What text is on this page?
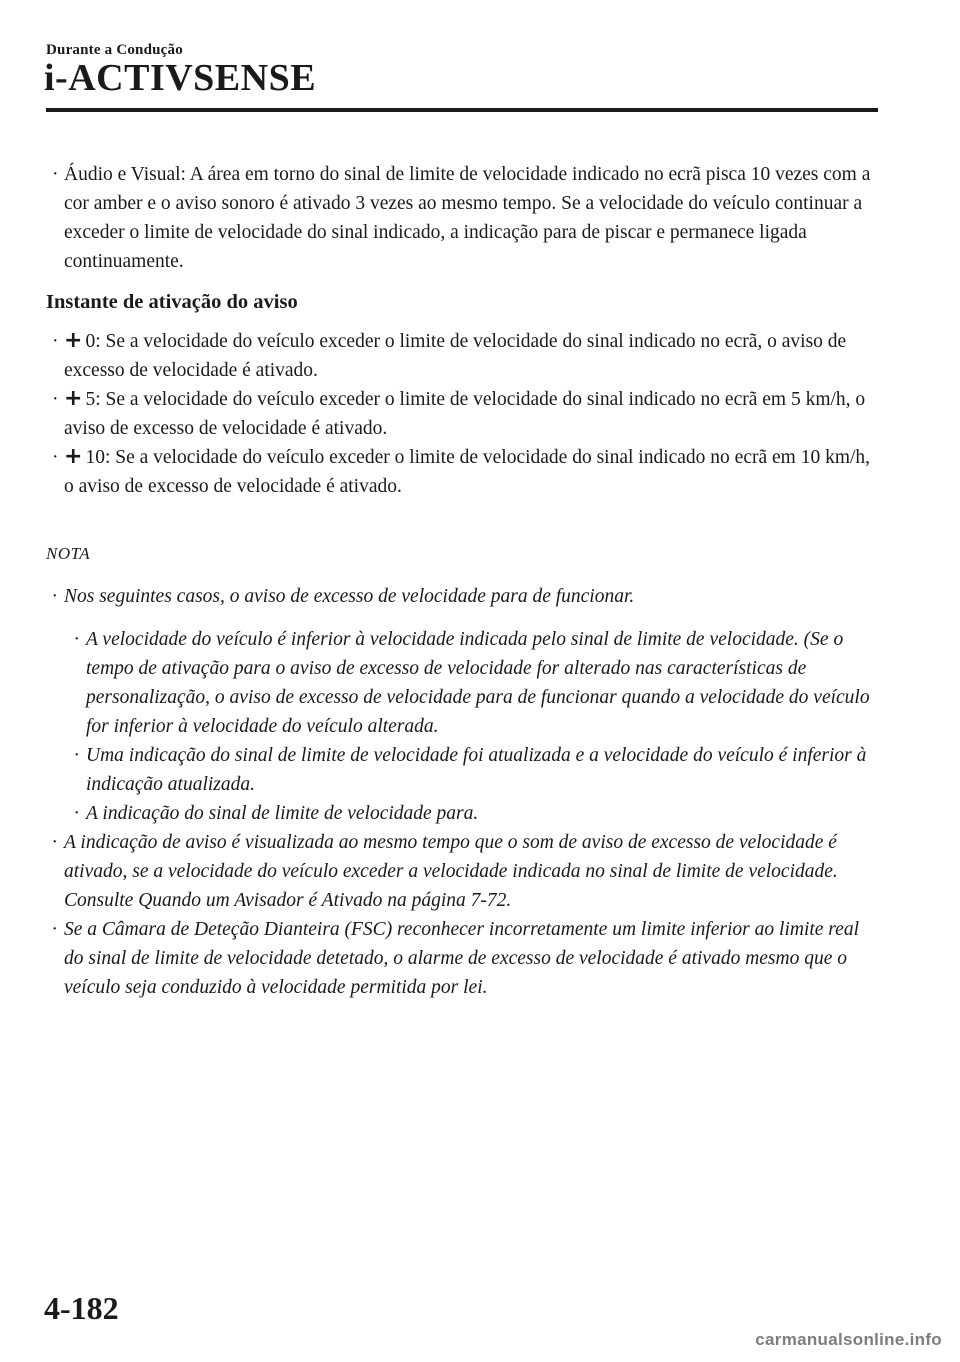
Durante a Condução
i-ACTIVSENSE

· Áudio e Visual: A área em torno do sinal de limite de velocidade indicado no ecrã pisca 10 vezes com a cor amber e o aviso sonoro é ativado 3 vezes ao mesmo tempo. Se a velocidade do veículo continuar a exceder o limite de velocidade do sinal indicado, a indicação para de piscar e permanece ligada continuamente.

Instante de ativação do aviso

· + 0: Se a velocidade do veículo exceder o limite de velocidade do sinal indicado no ecrã, o aviso de excesso de velocidade é ativado.

· + 5: Se a velocidade do veículo exceder o limite de velocidade do sinal indicado no ecrã em 5 km/h, o aviso de excesso de velocidade é ativado.

· + 10: Se a velocidade do veículo exceder o limite de velocidade do sinal indicado no ecrã em 10 km/h, o aviso de excesso de velocidade é ativado.

NOTA

· Nos seguintes casos, o aviso de excesso de velocidade para de funcionar.

· A velocidade do veículo é inferior à velocidade indicada pelo sinal de limite de velocidade. (Se o tempo de ativação para o aviso de excesso de velocidade for alterado nas características de personalização, o aviso de excesso de velocidade para de funcionar quando a velocidade do veículo for inferior à velocidade do veículo alterada.

· Uma indicação do sinal de limite de velocidade foi atualizada e a velocidade do veículo é inferior à indicação atualizada.

· A indicação do sinal de limite de velocidade para.

· A indicação de aviso é visualizada ao mesmo tempo que o som de aviso de excesso de velocidade é ativado, se a velocidade do veículo exceder a velocidade indicada no sinal de limite de velocidade.
Consulte Quando um Avisador é Ativado na página 7-72.

· Se a Câmara de Deteção Dianteira (FSC) reconhecer incorretamente um limite inferior ao limite real do sinal de limite de velocidade detetado, o alarme de excesso de velocidade é ativado mesmo que o veículo seja conduzido à velocidade permitida por lei.

4-182
carmanualsonline.info
